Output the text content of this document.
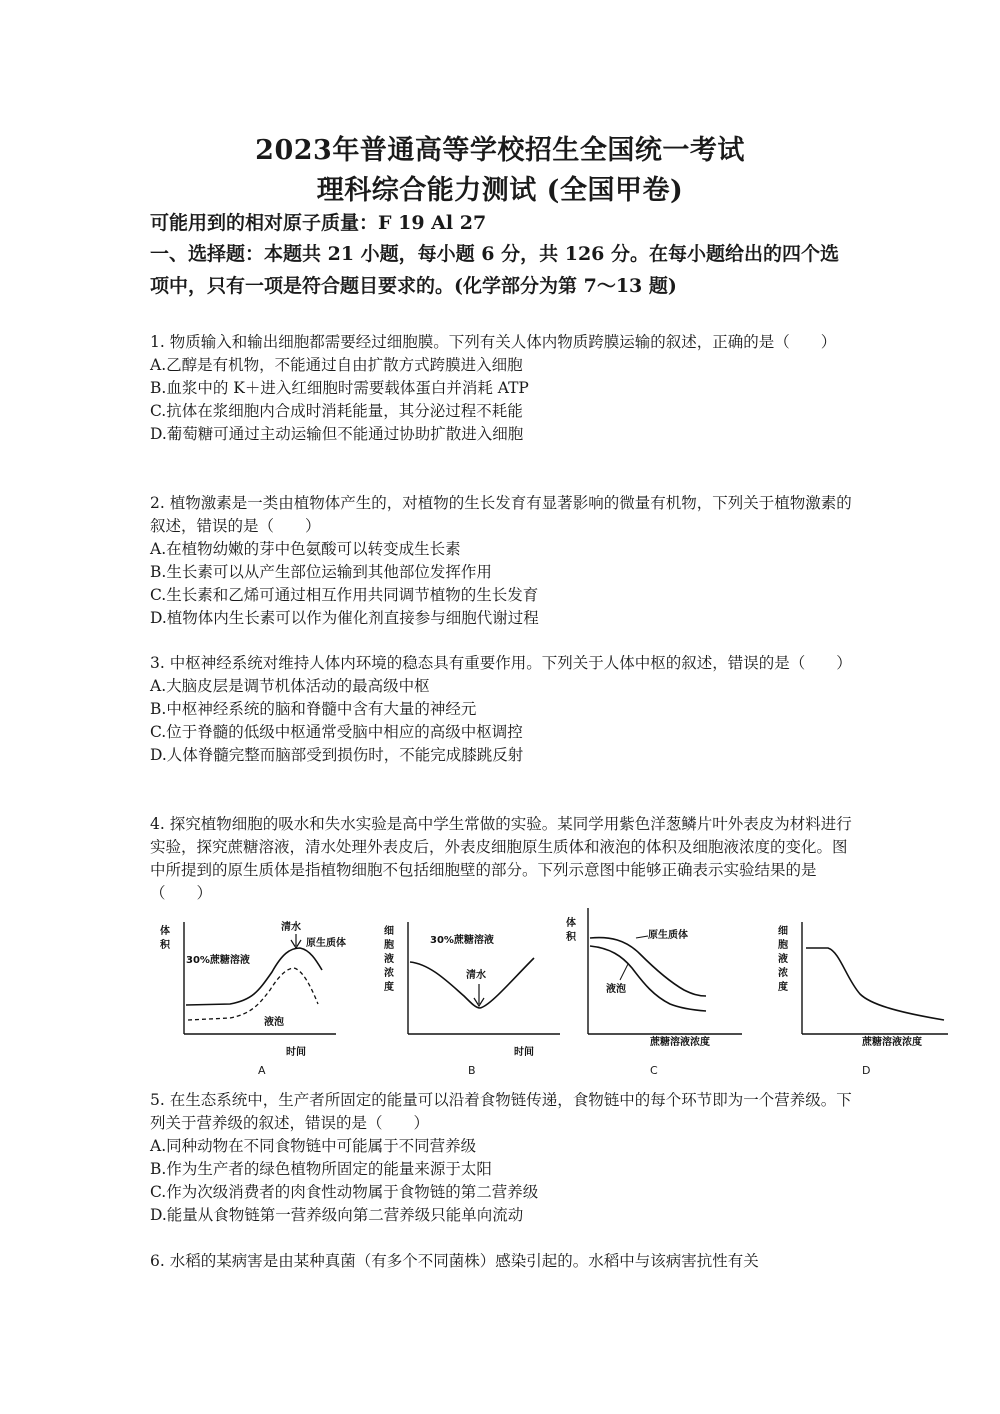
2023年普通高等学校招生全国统一考试
理科综合能力测试 (全国甲卷)
可能用到的相对原子质量：F 19 Al 27
一、选择题：本题共 21 小题，每小题 6 分，共 126 分。在每小题给出的四个选
项中，只有一项是符合题目要求的。(化学部分为第 7～13 题)
1. 物质输入和输出细胞都需要经过细胞膜。下列有关人体内物质跨膜运输的叙述，正确的是（　　）
A.乙醇是有机物，不能通过自由扩散方式跨膜进入细胞
B.血浆中的 K＋进入红细胞时需要载体蛋白并消耗 ATP
C.抗体在浆细胞内合成时消耗能量，其分泌过程不耗能
D.葡萄糖可通过主动运输但不能通过协助扩散进入细胞
2. 植物激素是一类由植物体产生的，对植物的生长发育有显著影响的微量有机物，下列关于植物激素的叙述，错误的是（　　）
A.在植物幼嫩的芽中色氨酸可以转变成生长素
B.生长素可以从产生部位运输到其他部位发挥作用
C.生长素和乙烯可通过相互作用共同调节植物的生长发育
D.植物体内生长素可以作为催化剂直接参与细胞代谢过程
3. 中枢神经系统对维持人体内环境的稳态具有重要作用。下列关于人体中枢的叙述，错误的是（　　）
A.大脑皮层是调节机体活动的最高级中枢
B.中枢神经系统的脑和脊髓中含有大量的神经元
C.位于脊髓的低级中枢通常受脑中相应的高级中枢调控
D.人体脊髓完整而脑部受到损伤时，不能完成膝跳反射
4. 探究植物细胞的吸水和失水实验是高中学生常做的实验。某同学用紫色洋葱鳞片叶外表皮为材料进行实验，探究蔗糖溶液，清水处理外表皮后，外表皮细胞原生质体和液泡的体积及细胞液浓度的变化。图中所提到的原生质体是指植物细胞不包括细胞壁的部分。下列示意图中能够正确表示实验结果的是（　　）
体
积
30%蔗糖溶液
清水
原生质体
液泡
时间
细
胞
液
浓
度
30%蔗糖溶液
清水
时间
体
积	原生质体
液泡
蔗糖溶液浓度
细
胞
液
浓
度
蔗糖溶液浓度
A	B	C	D
5. 在生态系统中，生产者所固定的能量可以沿着食物链传递，食物链中的每个环节即为一个营养级。下列关于营养级的叙述，错误的是（　　）
A.同种动物在不同食物链中可能属于不同营养级
B.作为生产者的绿色植物所固定的能量来源于太阳
C.作为次级消费者的肉食性动物属于食物链的第二营养级
D.能量从食物链第一营养级向第二营养级只能单向流动
6. 水稻的某病害是由某种真菌（有多个不同菌株）感染引起的。水稻中与该病害抗性有关
